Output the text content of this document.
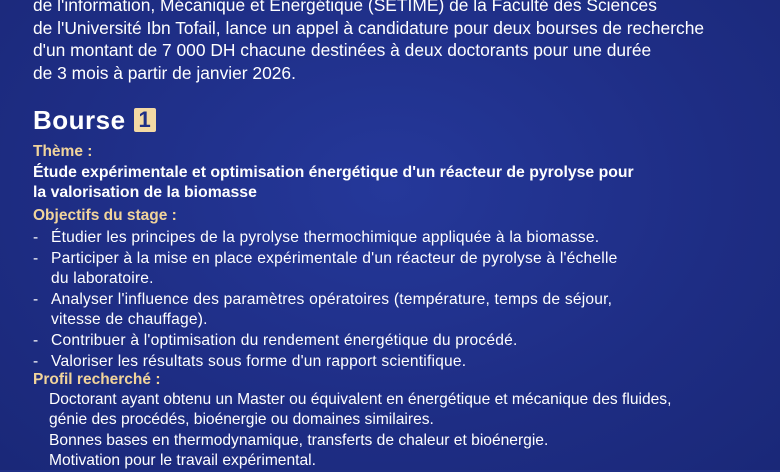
de l'information, Mécanique et Energétique (SETIME) de la Faculté des Sciences
de l'Université Ibn Tofail, lance un appel à candidature pour deux bourses de recherche
d'un montant de 7 000 DH chacune destinées à deux doctorants pour une durée
de 3 mois à partir de janvier 2026.
Bourse 1
Thème :
Étude expérimentale et optimisation énergétique d'un réacteur de pyrolyse pour
la valorisation de la biomasse
Objectifs du stage :
- Étudier les principes de la pyrolyse thermochimique appliquée à la biomasse.
- Participer à la mise en place expérimentale d'un réacteur de pyrolyse à l'échelle
du laboratoire.
- Analyser l'influence des paramètres opératoires (température, temps de séjour,
vitesse de chauffage).
- Contribuer à l'optimisation du rendement énergétique du procédé.
- Valoriser les résultats sous forme d'un rapport scientifique.
Profil recherché :
Doctorant ayant obtenu un Master ou équivalent en énergétique et mécanique des fluides,
génie des procédés, bioénergie ou domaines similaires.
Bonnes bases en thermodynamique, transferts de chaleur et bioénergie.
Motivation pour le travail expérimental.
